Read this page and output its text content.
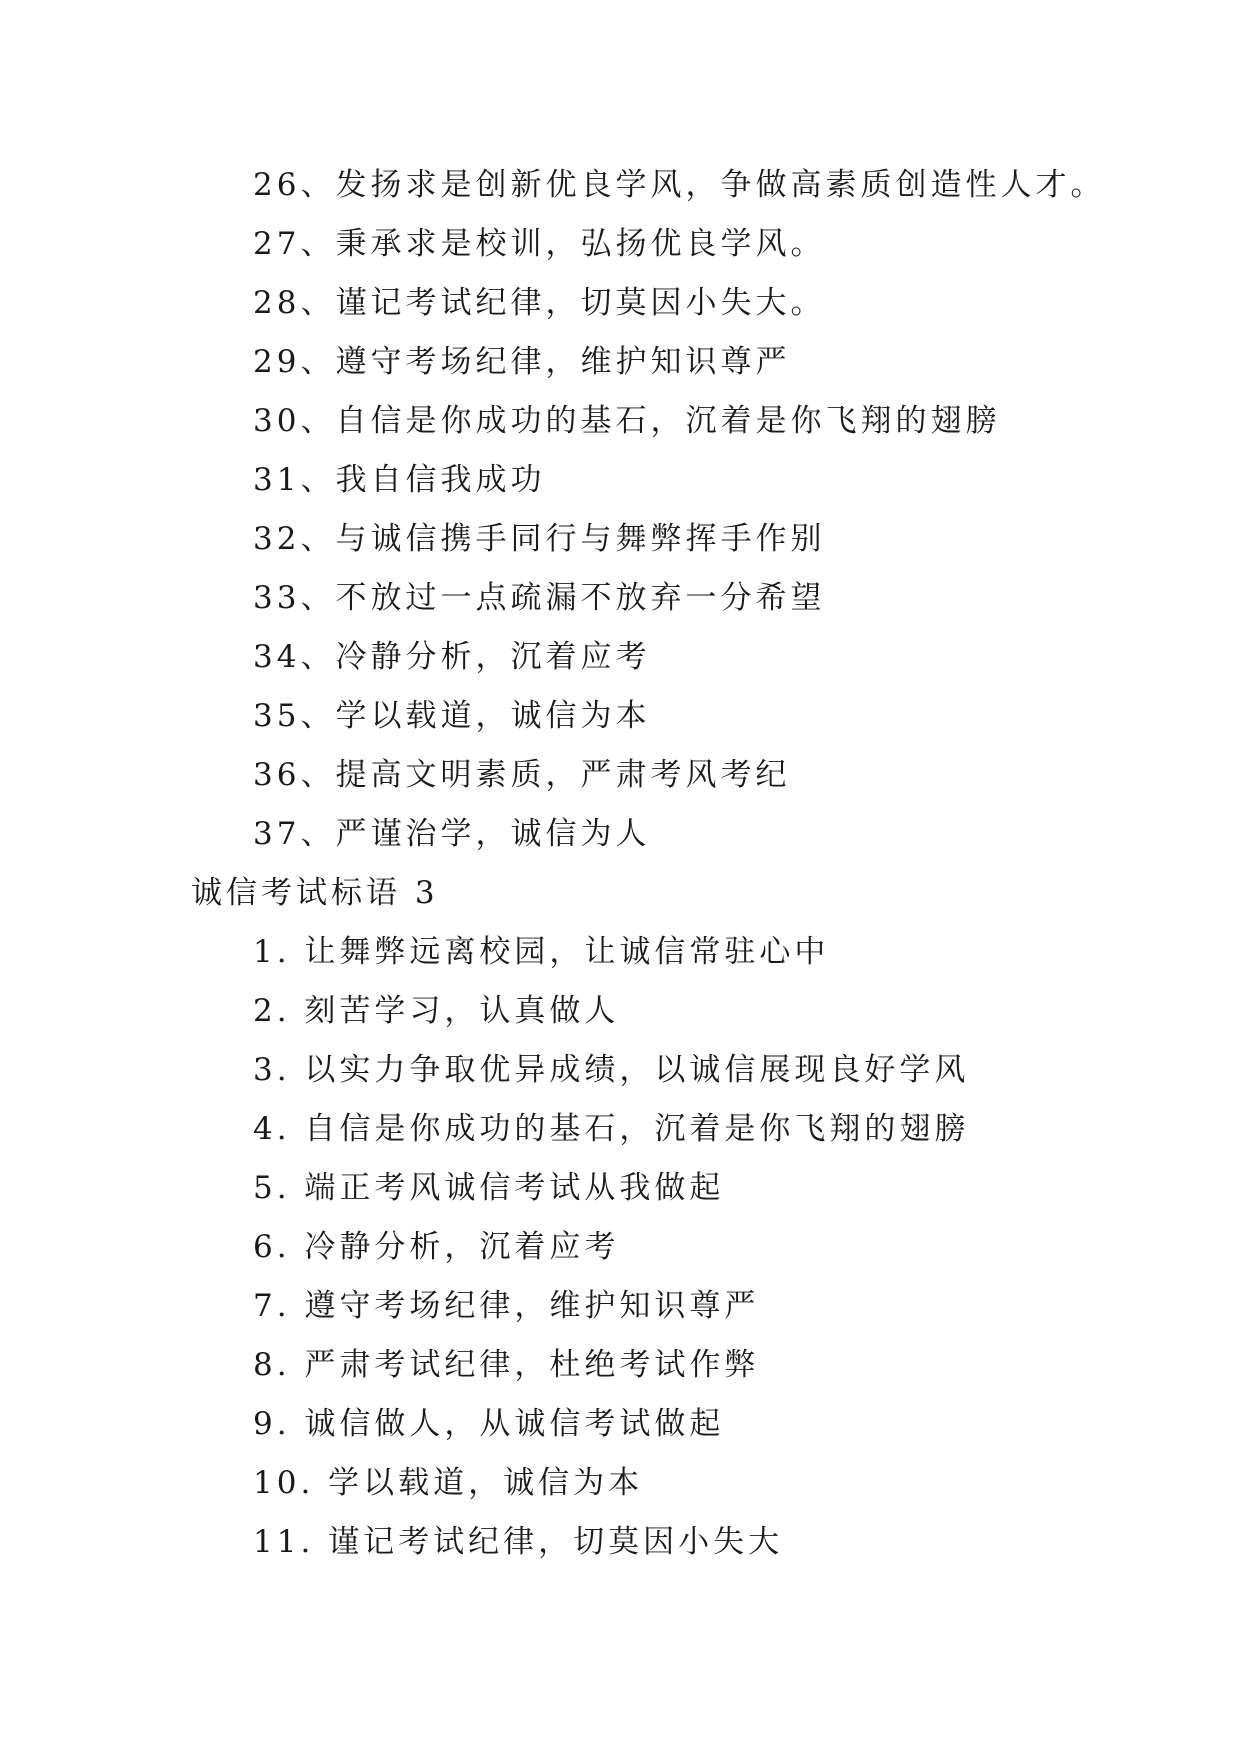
26、发扬求是创新优良学风，争做高素质创造性人才。
27、秉承求是校训，弘扬优良学风。
28、谨记考试纪律，切莫因小失大。
29、遵守考场纪律，维护知识尊严
30、自信是你成功的基石，沉着是你飞翔的翅膀
31、我自信我成功
32、与诚信携手同行与舞弊挥手作别
33、不放过一点疏漏不放弃一分希望
34、冷静分析，沉着应考
35、学以载道，诚信为本
36、提高文明素质，严肃考风考纪
37、严谨治学，诚信为人
诚信考试标语 3
1. 让舞弊远离校园，让诚信常驻心中
2. 刻苦学习，认真做人
3. 以实力争取优异成绩，以诚信展现良好学风
4. 自信是你成功的基石，沉着是你飞翔的翅膀
5. 端正考风诚信考试从我做起
6. 冷静分析，沉着应考
7. 遵守考场纪律，维护知识尊严
8. 严肃考试纪律，杜绝考试作弊
9. 诚信做人，从诚信考试做起
10. 学以载道，诚信为本
11. 谨记考试纪律，切莫因小失大
